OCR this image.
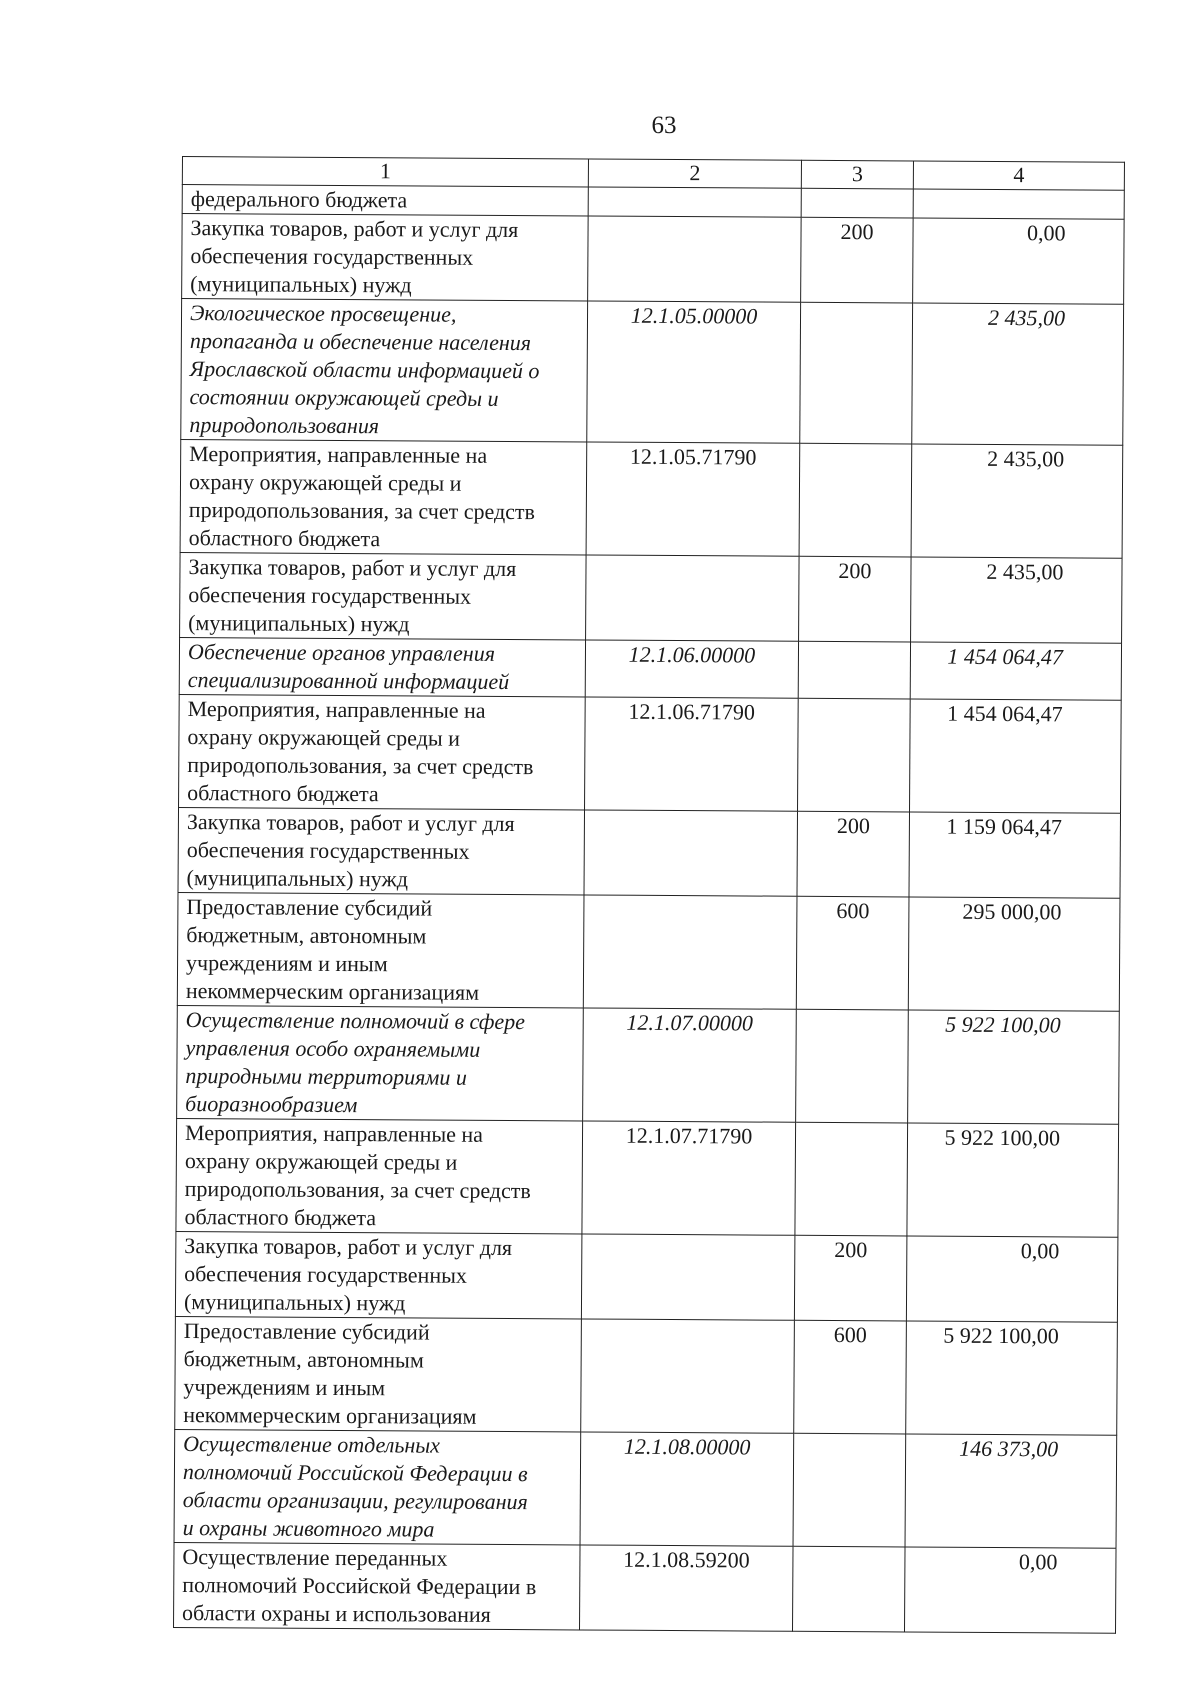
63
1	2	3	4
федерального бюджета			
Закупка товаров, работ и услуг для
обеспечения государственных
(муниципальных) нужд		200	0,00
Экологическое просвещение,
пропаганда и обеспечение населения
Ярославской области информацией о
состоянии окружающей среды и
природопользования	12.1.05.00000		2 435,00
Мероприятия, направленные на
охрану окружающей среды и
природопользования, за счет средств
областного бюджета	12.1.05.71790		2 435,00
Закупка товаров, работ и услуг для
обеспечения государственных
(муниципальных) нужд		200	2 435,00
Обеспечение органов управления
специализированной информацией	12.1.06.00000		1 454 064,47
Мероприятия, направленные на
охрану окружающей среды и
природопользования, за счет средств
областного бюджета	12.1.06.71790		1 454 064,47
Закупка товаров, работ и услуг для
обеспечения государственных
(муниципальных) нужд		200	1 159 064,47
Предоставление субсидий
бюджетным, автономным
учреждениям и иным
некоммерческим организациям		600	295 000,00
Осуществление полномочий в сфере
управления особо охраняемыми
природными территориями и
биоразнообразием	12.1.07.00000		5 922 100,00
Мероприятия, направленные на
охрану окружающей среды и
природопользования, за счет средств
областного бюджета	12.1.07.71790		5 922 100,00
Закупка товаров, работ и услуг для
обеспечения государственных
(муниципальных) нужд		200	0,00
Предоставление субсидий
бюджетным, автономным
учреждениям и иным
некоммерческим организациям		600	5 922 100,00
Осуществление отдельных
полномочий Российской Федерации в
области организации, регулирования
и охраны животного мира	12.1.08.00000		146 373,00
Осуществление переданных
полномочий Российской Федерации в
области охраны и использования	12.1.08.59200		0,00
